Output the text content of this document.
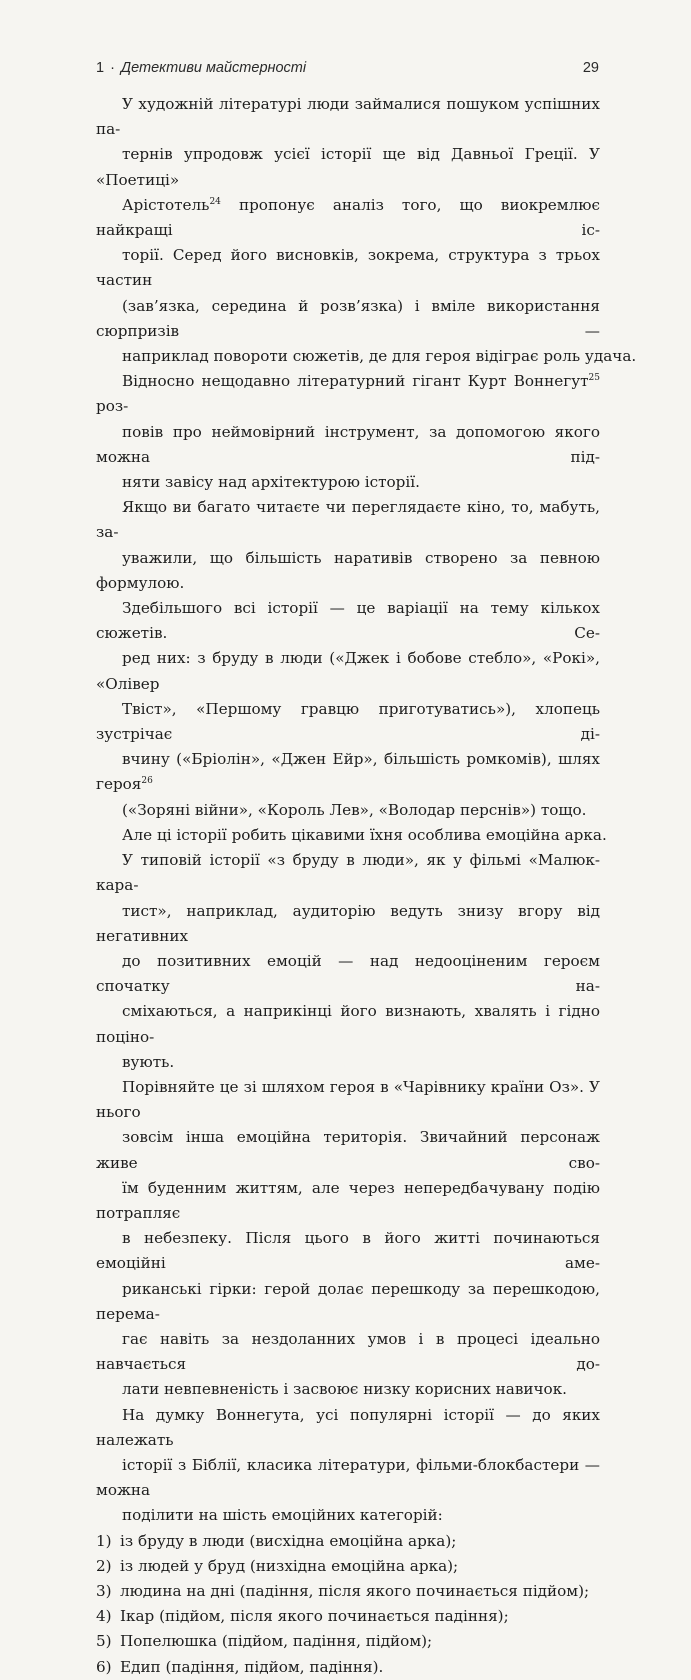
1 · Детективи майстерності	29

У художній літературі люди займалися пошуком успішних па-
тернів упродовж усієї історії ще від Давньої Греції. У «Поетиці»
Арістотель$^{24}$ пропонує аналіз того, що виокремлює найкращі іс-
торії. Серед його висновків, зокрема, структура з трьох частин
(зав’язка, середина й розв’язка) і вміле використання сюрпризів —
наприклад повороти сюжетів, де для героя відіграє роль удача.

Відносно нещодавно літературний гігант Курт Воннегут$^{25}$ роз-
повів про неймовірний інструмент, за допомогою якого можна під-
няти завісу над архітектурою історії.

Якщо ви багато читаєте чи переглядаєте кіно, то, мабуть, за-
уважили, що більшість наративів створено за певною формулою.
Здебільшого всі історії — це варіації на тему кількох сюжетів. Се-
ред них: з бруду в люди («Джек і бобове стебло», «Рокі», «Олівер
Твіст», «Першому гравцю приготуватись»), хлопець зустрічає ді-
вчину («Бріолін», «Джен Ейр», більшість ромкомів), шлях героя$^{26}$
(«Зоряні війни», «Король Лев», «Володар перснів») тощо.

Але ці історії робить цікавими їхня особлива емоційна арка.

У типовій історії «з бруду в люди», як у фільмі «Малюк-карa-
тист», наприклад, аудиторію ведуть знизу вгору від негативних
до позитивних емоцій — над недооціненим героєм спочатку на-
сміхаються, а наприкінці його визнають, хвалять і гідно поціно-
вують.

Порівняйте це зі шляхом героя в «Чарівнику країни Оз». У нього
зовсім інша емоційна територія. Звичайний персонаж живе сво-
їм буденним життям, але через непередбачувану подію потрапляє
в небезпеку. Після цього в його житті починаються емоційні аме-
риканські гірки: герой долає перешкоду за перешкодою, перема-
гає навіть за нездоланних умов і в процесі ідеально навчається до-
лати невпевненість і засвоює низку корисних навичок.

На думку Воннегута, усі популярні історії — до яких належать
історії з Біблії, класика літератури, фільми-блокбастери — можна
поділити на шість емоційних категорій:

1) із бруду в люди (висхідна емоційна арка);
2) із людей у бруд (низхідна емоційна арка);
3) людина на дні (падіння, після якого починається підйом);
4) Ікар (підйом, після якого починається падіння);
5) Попелюшка (підйом, падіння, підйом);
6) Едип (падіння, підйом, падіння).
